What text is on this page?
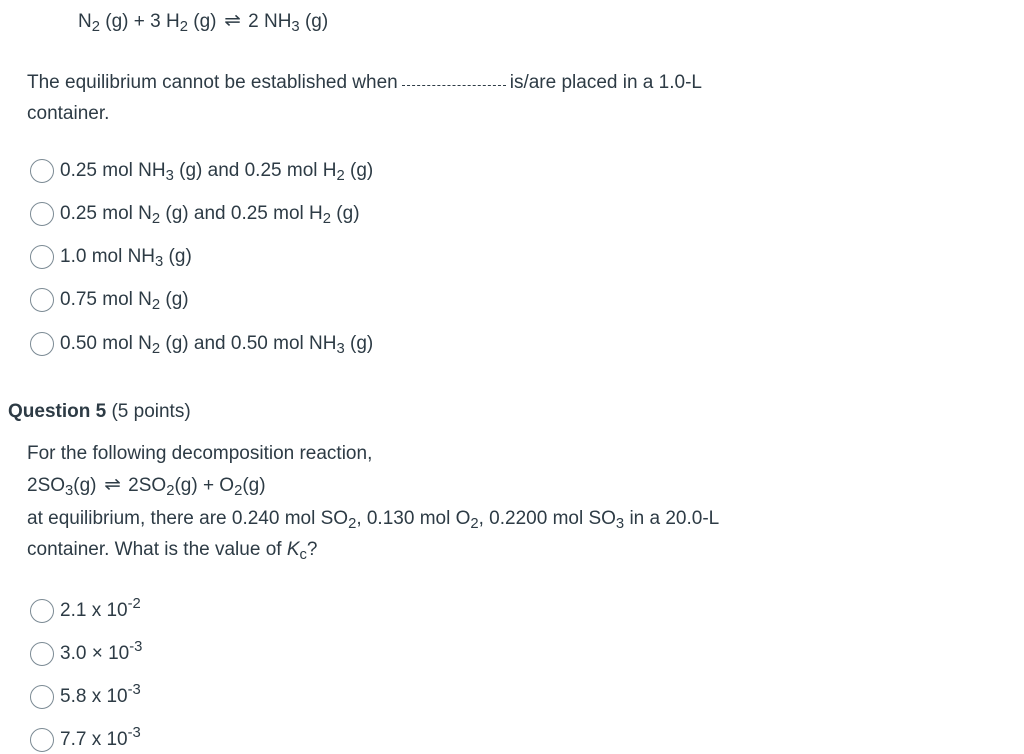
$N_2$ (g) + 3 $H_2$ (g) ⇌ 2 $NH_3$ (g)
The equilibrium cannot be established when	is/are placed in a 1.0-L
container.
0.25 mol $NH_3$ (g) and 0.25 mol $H_2$ (g)
0.25 mol $N_2$ (g) and 0.25 mol $H_2$ (g)
1.0 mol $NH_3$ (g)
0.75 mol $N_2$ (g)
0.50 mol $N_2$ (g) and 0.50 mol $NH_3$ (g)
Question 5 (5 points)
For the following decomposition reaction,
$2SO_3(g)$ ⇌ $2SO_2(g) + O_2(g)$
at equilibrium, there are 0.240 mol $SO_2$, 0.130 mol $O_2$, 0.2200 mol $SO_3$ in a 20.0-L
container. What is the value of $K_c$?
2.1 x $10^{-2}$
$3.0 \times 10^{-3}$
5.8 x $10^{-3}$
7.7 x $10^{-3}$
